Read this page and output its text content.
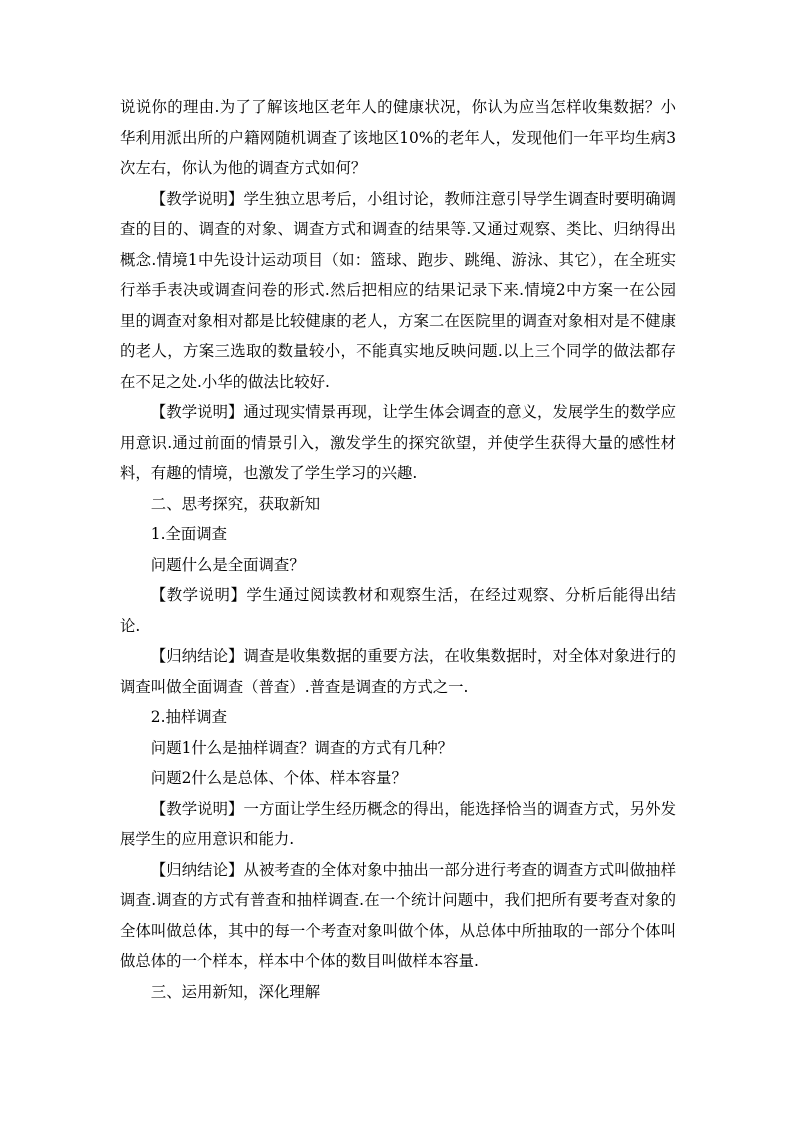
说说你的理由.为了了解该地区老年人的健康状况，你认为应当怎样收集数据？小华利用派出所的户籍网随机调查了该地区10%的老年人，发现他们一年平均生病3次左右，你认为他的调查方式如何？

【教学说明】学生独立思考后，小组讨论，教师注意引导学生调查时要明确调查的目的、调查的对象、调查方式和调查的结果等.又通过观察、类比、归纳得出概念.情境1中先设计运动项目（如：篮球、跑步、跳绳、游泳、其它），在全班实行举手表决或调查问卷的形式.然后把相应的结果记录下来.情境2中方案一在公园里的调查对象相对都是比较健康的老人，方案二在医院里的调查对象相对是不健康的老人，方案三选取的数量较小，不能真实地反映问题.以上三个同学的做法都存在不足之处.小华的做法比较好.

【教学说明】通过现实情景再现，让学生体会调查的意义，发展学生的数学应用意识.通过前面的情景引入，激发学生的探究欲望，并使学生获得大量的感性材料，有趣的情境，也激发了学生学习的兴趣.

二、思考探究，获取新知

1.全面调查

问题什么是全面调查？

【教学说明】学生通过阅读教材和观察生活，在经过观察、分析后能得出结论.

【归纳结论】调查是收集数据的重要方法，在收集数据时，对全体对象进行的调查叫做全面调查（普查）.普查是调查的方式之一.

2.抽样调查

问题1什么是抽样调查？调查的方式有几种？

问题2什么是总体、个体、样本容量？

【教学说明】一方面让学生经历概念的得出，能选择恰当的调查方式，另外发展学生的应用意识和能力.

【归纳结论】从被考查的全体对象中抽出一部分进行考查的调查方式叫做抽样调查.调查的方式有普查和抽样调查.在一个统计问题中，我们把所有要考查对象的全体叫做总体，其中的每一个考查对象叫做个体，从总体中所抽取的一部分个体叫做总体的一个样本，样本中个体的数目叫做样本容量.

三、运用新知，深化理解
